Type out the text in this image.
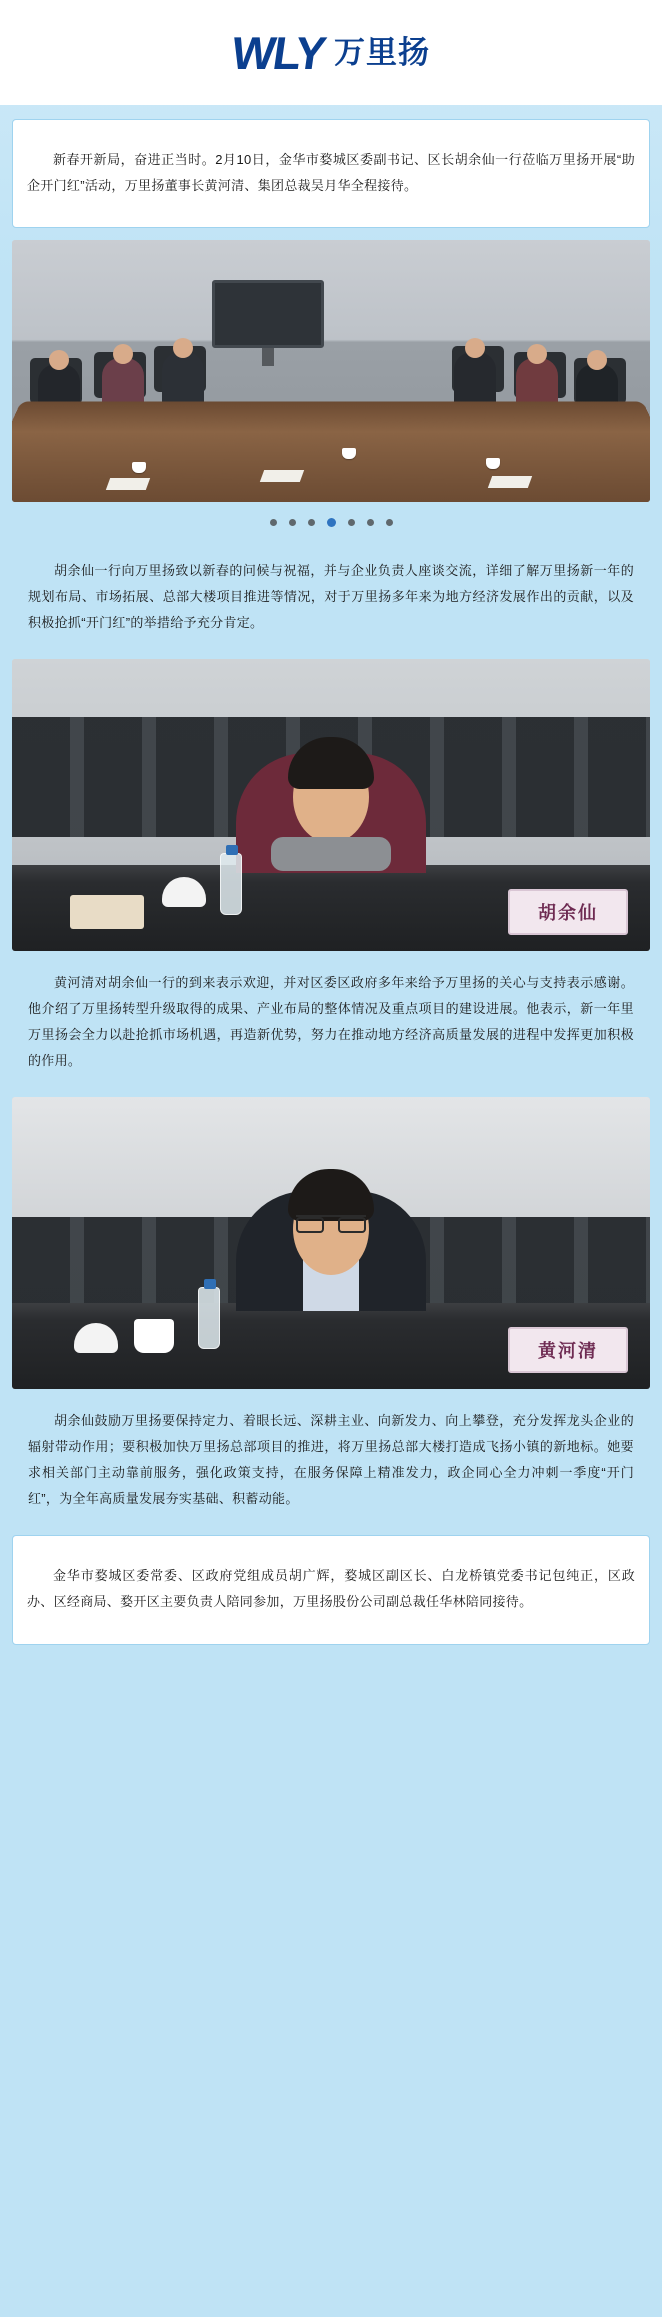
WLY 万里扬

新春开新局，奋进正当时。2月10日，金华市婺城区委副书记、区长胡余仙一行莅临万里扬开展“助企开门红”活动，万里扬董事长黄河清、集团总裁吴月华全程接待。

胡余仙一行向万里扬致以新春的问候与祝福，并与企业负责人座谈交流，详细了解万里扬新一年的规划布局、市场拓展、总部大楼项目推进等情况，对于万里扬多年来为地方经济发展作出的贡献，以及积极抢抓“开门红”的举措给予充分肯定。

胡余仙

黄河清对胡余仙一行的到来表示欢迎，并对区委区政府多年来给予万里扬的关心与支持表示感谢。他介绍了万里扬转型升级取得的成果、产业布局的整体情况及重点项目的建设进展。他表示，新一年里万里扬会全力以赴抢抓市场机遇，再造新优势，努力在推动地方经济高质量发展的进程中发挥更加积极的作用。

黄河清

胡余仙鼓励万里扬要保持定力、着眼长远、深耕主业、向新发力、向上攀登，充分发挥龙头企业的辐射带动作用；要积极加快万里扬总部项目的推进，将万里扬总部大楼打造成飞扬小镇的新地标。她要求相关部门主动靠前服务，强化政策支持，在服务保障上精准发力，政企同心全力冲刺一季度“开门红”，为全年高质量发展夯实基础、积蓄动能。

金华市婺城区委常委、区政府党组成员胡广辉，婺城区副区长、白龙桥镇党委书记包纯正，区政办、区经商局、婺开区主要负责人陪同参加，万里扬股份公司副总裁任华林陪同接待。
